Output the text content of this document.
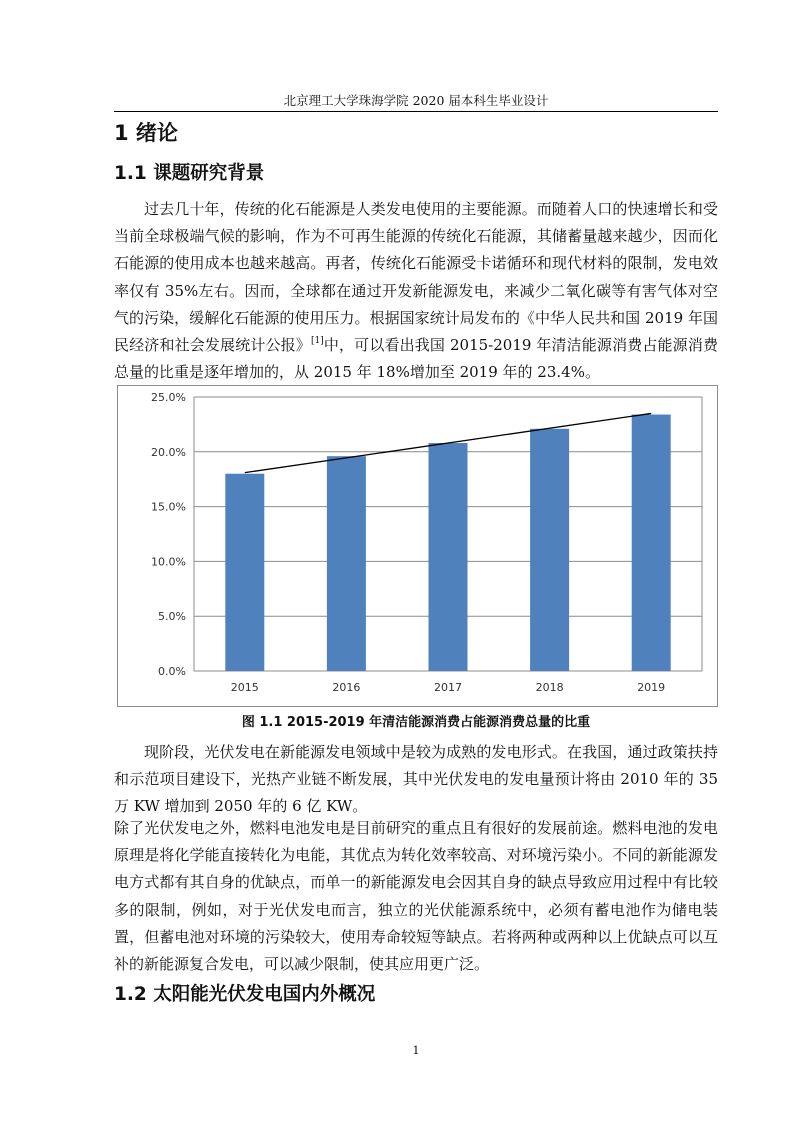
北京理工大学珠海学院 2020 届本科生毕业设计
1 绪论
1.1 课题研究背景

过去几十年，传统的化石能源是人类发电使用的主要能源。而随着人口的快速增长和受当前全球极端气候的影响，作为不可再生能源的传统化石能源，其储蓄量越来越少，因而化石能源的使用成本也越来越高。再者，传统化石能源受卡诺循环和现代材料的限制，发电效率仅有 35%左右。因而，全球都在通过开发新能源发电，来减少二氧化碳等有害气体对空气的污染，缓解化石能源的使用压力。根据国家统计局发布的《中华人民共和国 2019 年国民经济和社会发展统计公报》[1]中，可以看出我国 2015-2019 年清洁能源消费占能源消费总量的比重是逐年增加的，从 2015 年 18%增加至 2019 年的 23.4%。

0.0%
5.0%
10.0%
15.0%
20.0%
25.0%
2015	2016	2017	2018	2019
图 1.1 2015-2019 年清洁能源消费占能源消费总量的比重

现阶段，光伏发电在新能源发电领域中是较为成熟的发电形式。在我国，通过政策扶持和示范项目建设下，光热产业链不断发展，其中光伏发电的发电量预计将由 2010 年的 35 万 KW 增加到 2050 年的 6 亿 KW。

除了光伏发电之外，燃料电池发电是目前研究的重点且有很好的发展前途。燃料电池的发电原理是将化学能直接转化为电能，其优点为转化效率较高、对环境污染小。不同的新能源发电方式都有其自身的优缺点，而单一的新能源发电会因其自身的缺点导致应用过程中有比较多的限制，例如，对于光伏发电而言，独立的光伏能源系统中，必须有蓄电池作为储电装置，但蓄电池对环境的污染较大，使用寿命较短等缺点。若将两种或两种以上优缺点可以互补的新能源复合发电，可以减少限制，使其应用更广泛。

1.2 太阳能光伏发电国内外概况
1
